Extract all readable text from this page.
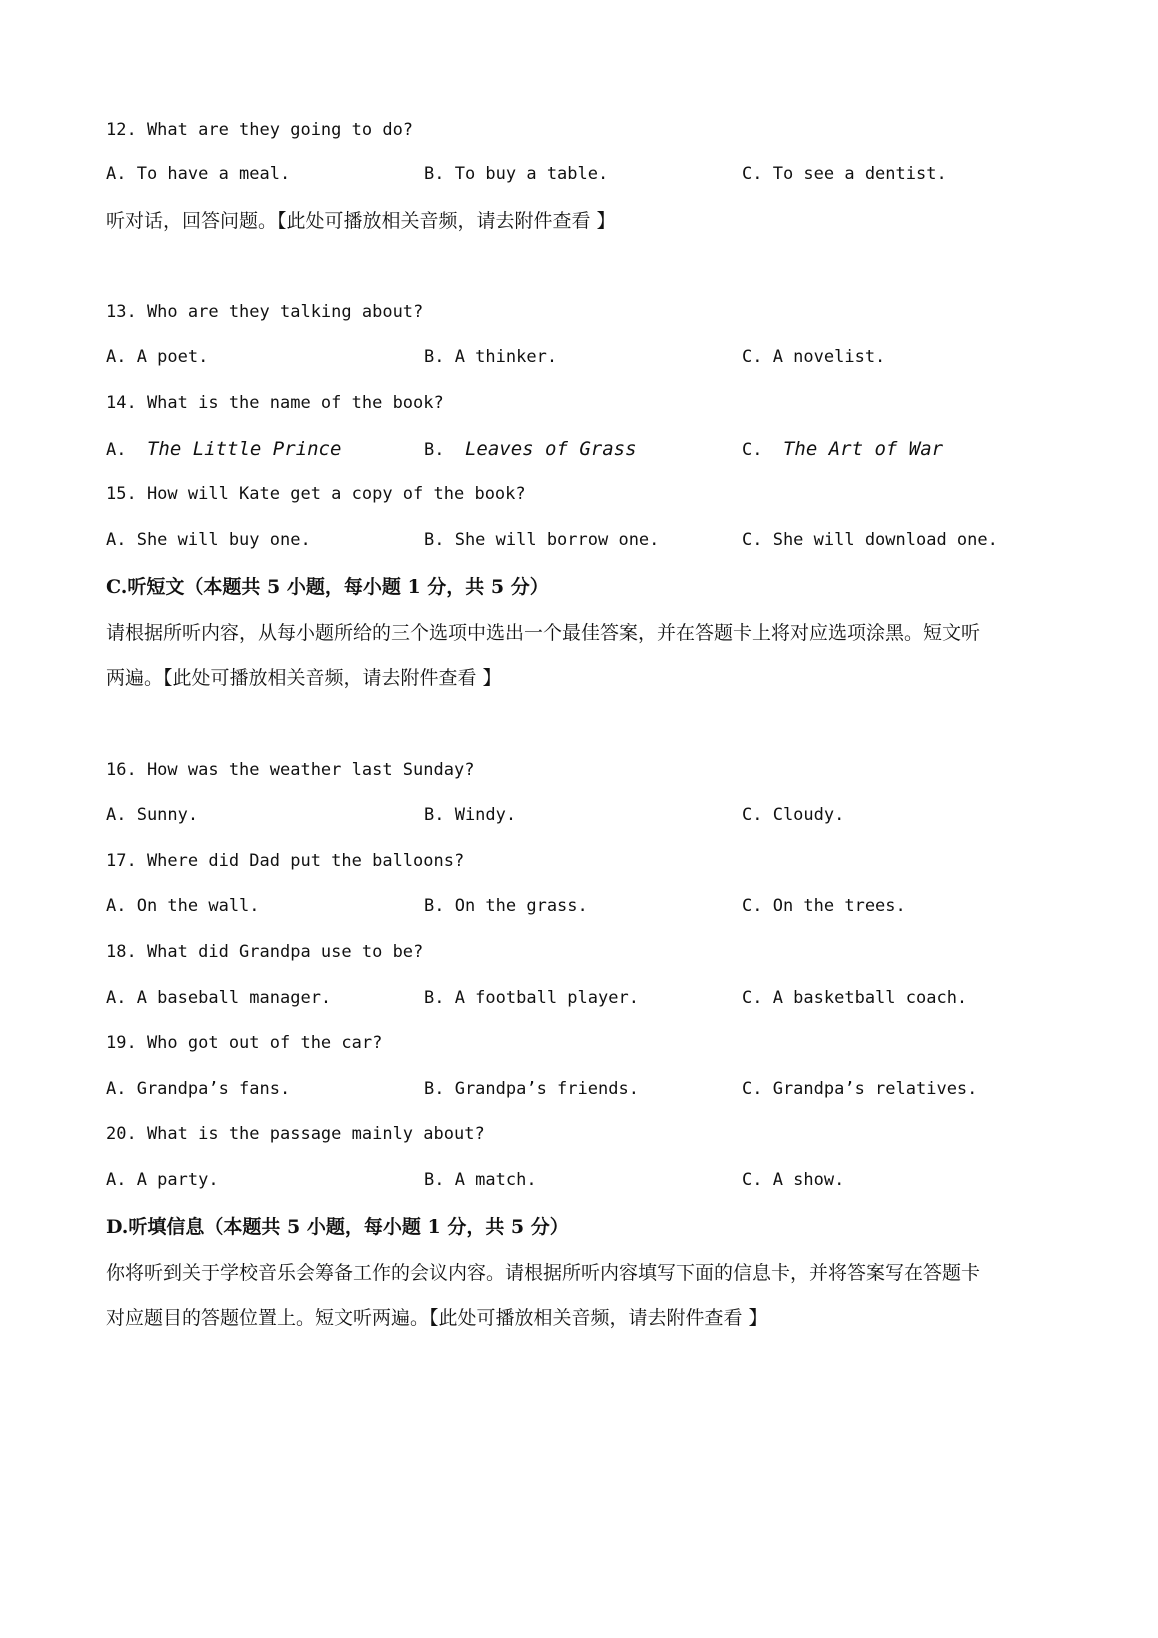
12. What are they going to do?
A. To have a meal.	B. To buy a table.	C. To see a dentist.
听对话，回答问题。【此处可播放相关音频，请去附件查看 】
13. Who are they talking about?
A. A poet.	B. A thinker.	C. A novelist.
14. What is the name of the book?
A.  The Little Prince	B.  Leaves of Grass	C.  The Art of War
15. How will Kate get a copy of the book?
A. She will buy one.	B. She will borrow one.	C. She will download one.
C.听短文（本题共 5 小题，每小题 1 分，共 5 分）
请根据所听内容，从每小题所给的三个选项中选出一个最佳答案，并在答题卡上将对应选项涂黑。短文听
两遍。【此处可播放相关音频，请去附件查看 】
16. How was the weather last Sunday?
A. Sunny.	B. Windy.	C. Cloudy.
17. Where did Dad put the balloons?
A. On the wall.	B. On the grass.	C. On the trees.
18. What did Grandpa use to be?
A. A baseball manager.	B. A football player.	C. A basketball coach.
19. Who got out of the car?
A. Grandpa’s fans.	B. Grandpa’s friends.	C. Grandpa’s relatives.
20. What is the passage mainly about?
A. A party.	B. A match.	C. A show.
D.听填信息（本题共 5 小题，每小题 1 分，共 5 分）
你将听到关于学校音乐会筹备工作的会议内容。请根据所听内容填写下面的信息卡，并将答案写在答题卡
对应题目的答题位置上。短文听两遍。【此处可播放相关音频，请去附件查看 】
